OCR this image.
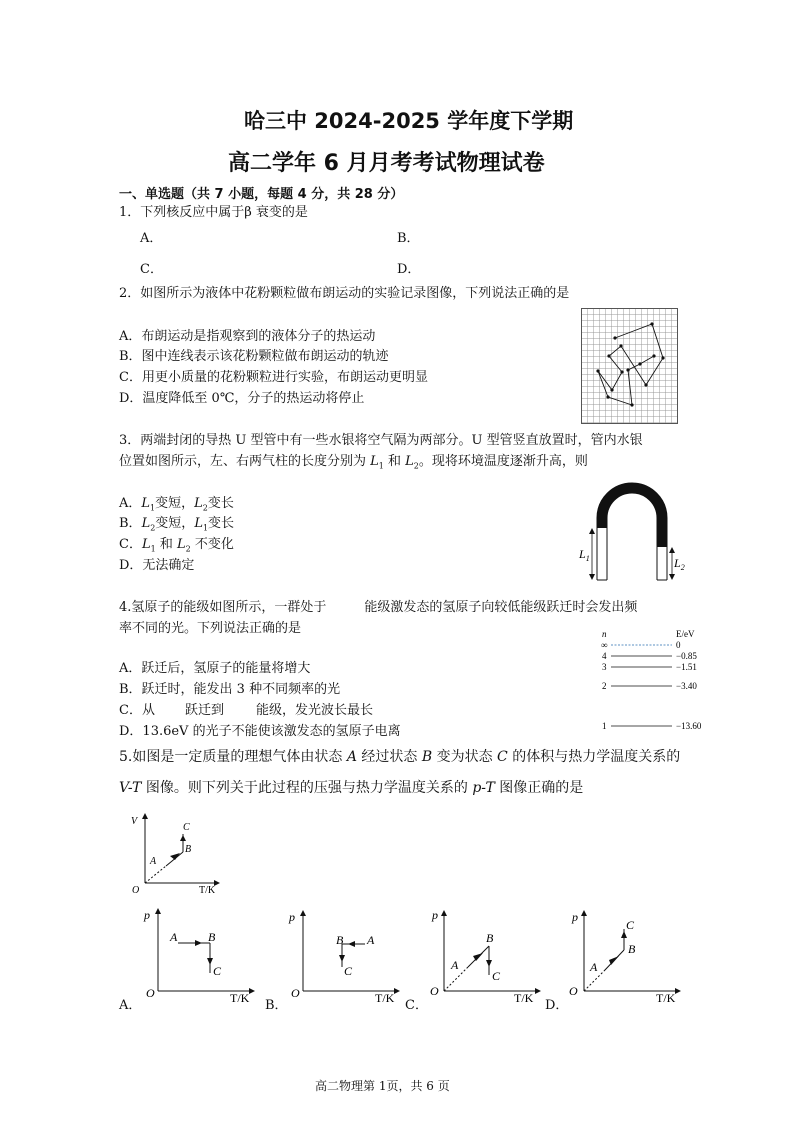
哈三中 2024-2025 学年度下学期
高二学年 6 月月考考试物理试卷
一、单选题（共 7 小题，每题 4 分，共 28 分）
1．下列核反应中属于β 衰变的是
A．	B．
C．	D．
2．如图所示为液体中花粉颗粒做布朗运动的实验记录图像，下列说法正确的是
A．布朗运动是指观察到的液体分子的热运动
B．图中连线表示该花粉颗粒做布朗运动的轨迹
C．用更小质量的花粉颗粒进行实验，布朗运动更明显
D．温度降低至 0℃，分子的热运动将停止
3．两端封闭的导热 U 型管中有一些水银将空气隔为两部分。U 型管竖直放置时，管内水银
位置如图所示，左、右两气柱的长度分别为 $L_1$ 和 $L_2$。现将环境温度逐渐升高，则
A．$L_1$变短，$L_2$变长
B．$L_2$变短，$L_1$变长
C．$L_1$ 和 $L_2$ 不变化
D．无法确定
$L_1$	$L_2$
4.氢原子的能级如图所示，一群处于	能级激发态的氢原子向较低能级跃迁时会发出频
率不同的光。下列说法正确的是
A．跃迁后，氢原子的能量将增大
B．跃迁时，能发出 3 种不同频率的光
C．从 跃迁到 能级，发光波长最长
D．13.6eV 的光子不能使该激发态的氢原子电离
n	E/eV
∞	0
4	−0.85
3	−1.51
2	−3.40
1	−13.60
5.如图是一定质量的理想气体由状态 A 经过状态 B 变为状态 C 的体积与热力学温度关系的
V-T 图像。则下列关于此过程的压强与热力学温度关系的 p-T 图像正确的是
V
T/K
O
A
B
C
A．
p
T/K
O
A	B
C
B．
p
T/K
O
A
B
C
C．
p
T/K
O
A
B
C
D．
p
T/K
O
A
B
C
高二物理第 1页，共 6 页
